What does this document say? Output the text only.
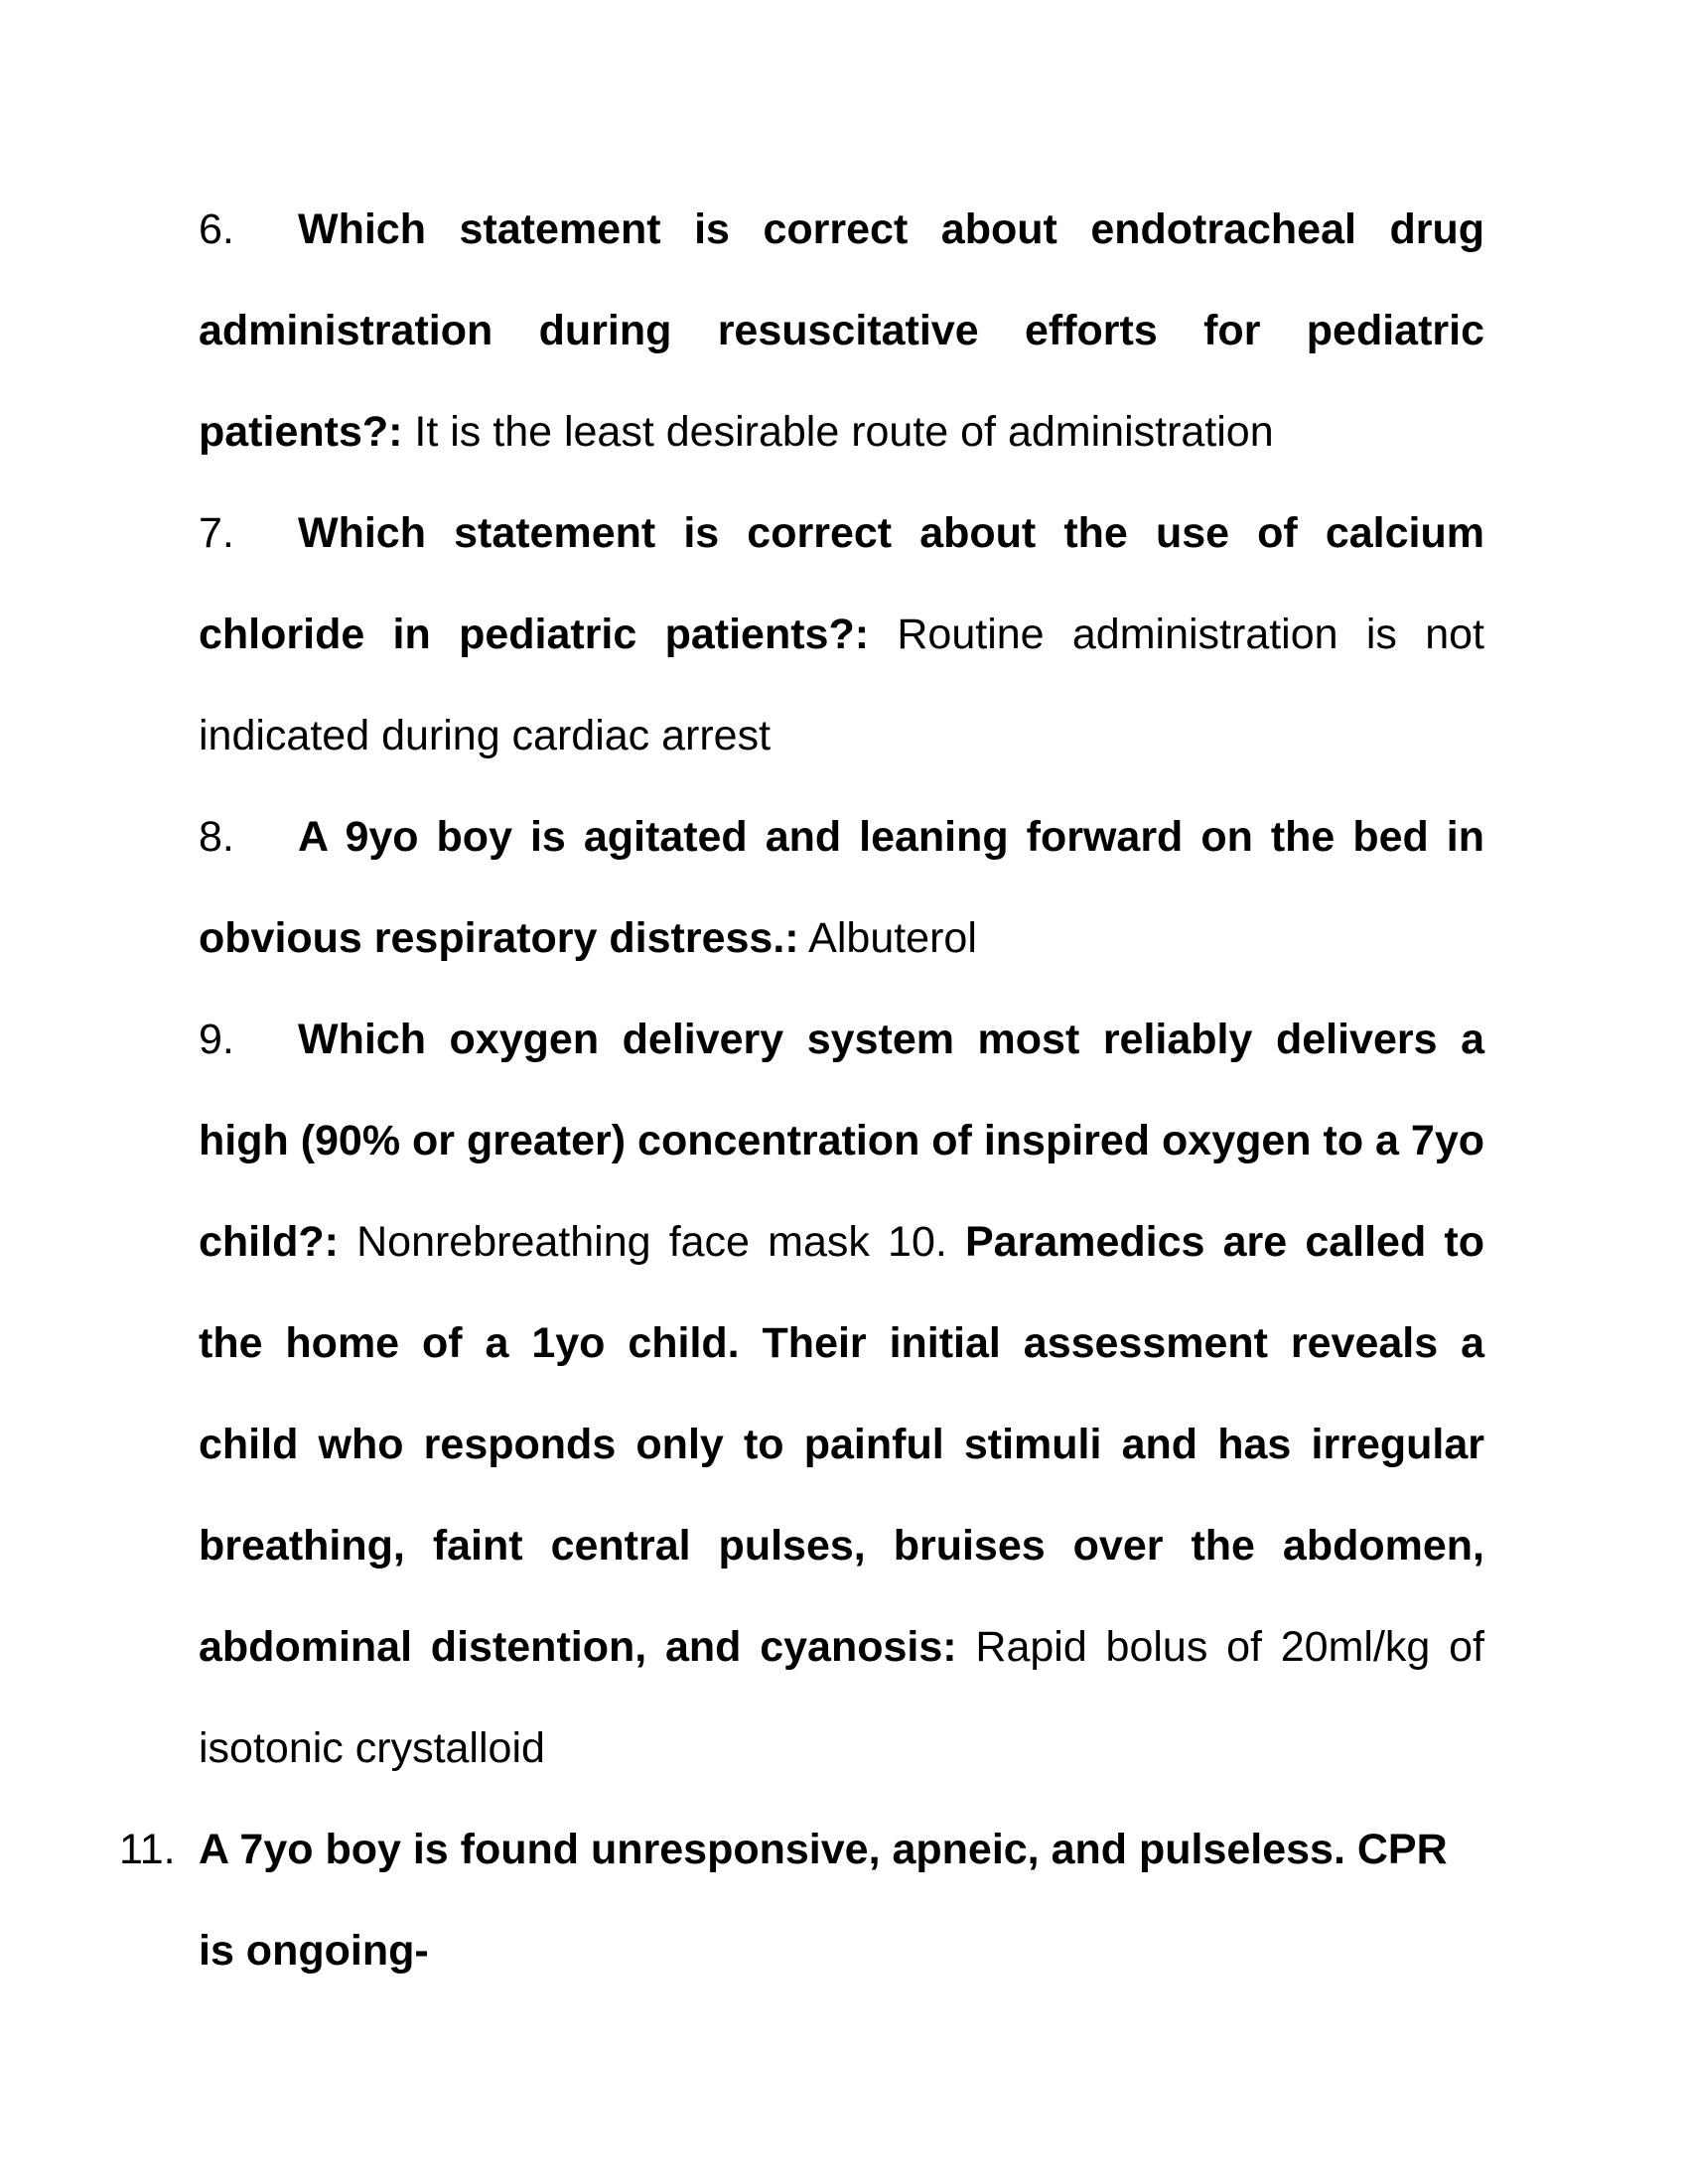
6. Which statement is correct about endotracheal drug administration during resuscitative efforts for pediatric patients?: It is the least desirable route of administration

7. Which statement is correct about the use of calcium chloride in pediatric patients?: Routine administration is not indicated during cardiac arrest

8. A 9yo boy is agitated and leaning forward on the bed in obvious respiratory distress.: Albuterol

9. Which oxygen delivery system most reliably delivers a high (90% or greater) concentration of inspired oxygen to a 7yo child?: Nonrebreathing face mask 10. Paramedics are called to the home of a 1yo child. Their initial assessment reveals a child who responds only to painful stimuli and has irregular breathing, faint central pulses, bruises over the abdomen, abdominal distention, and cyanosis: Rapid bolus of 20ml/kg of isotonic crystalloid

11. A 7yo boy is found unresponsive, apneic, and pulseless. CPR is ongoing-
